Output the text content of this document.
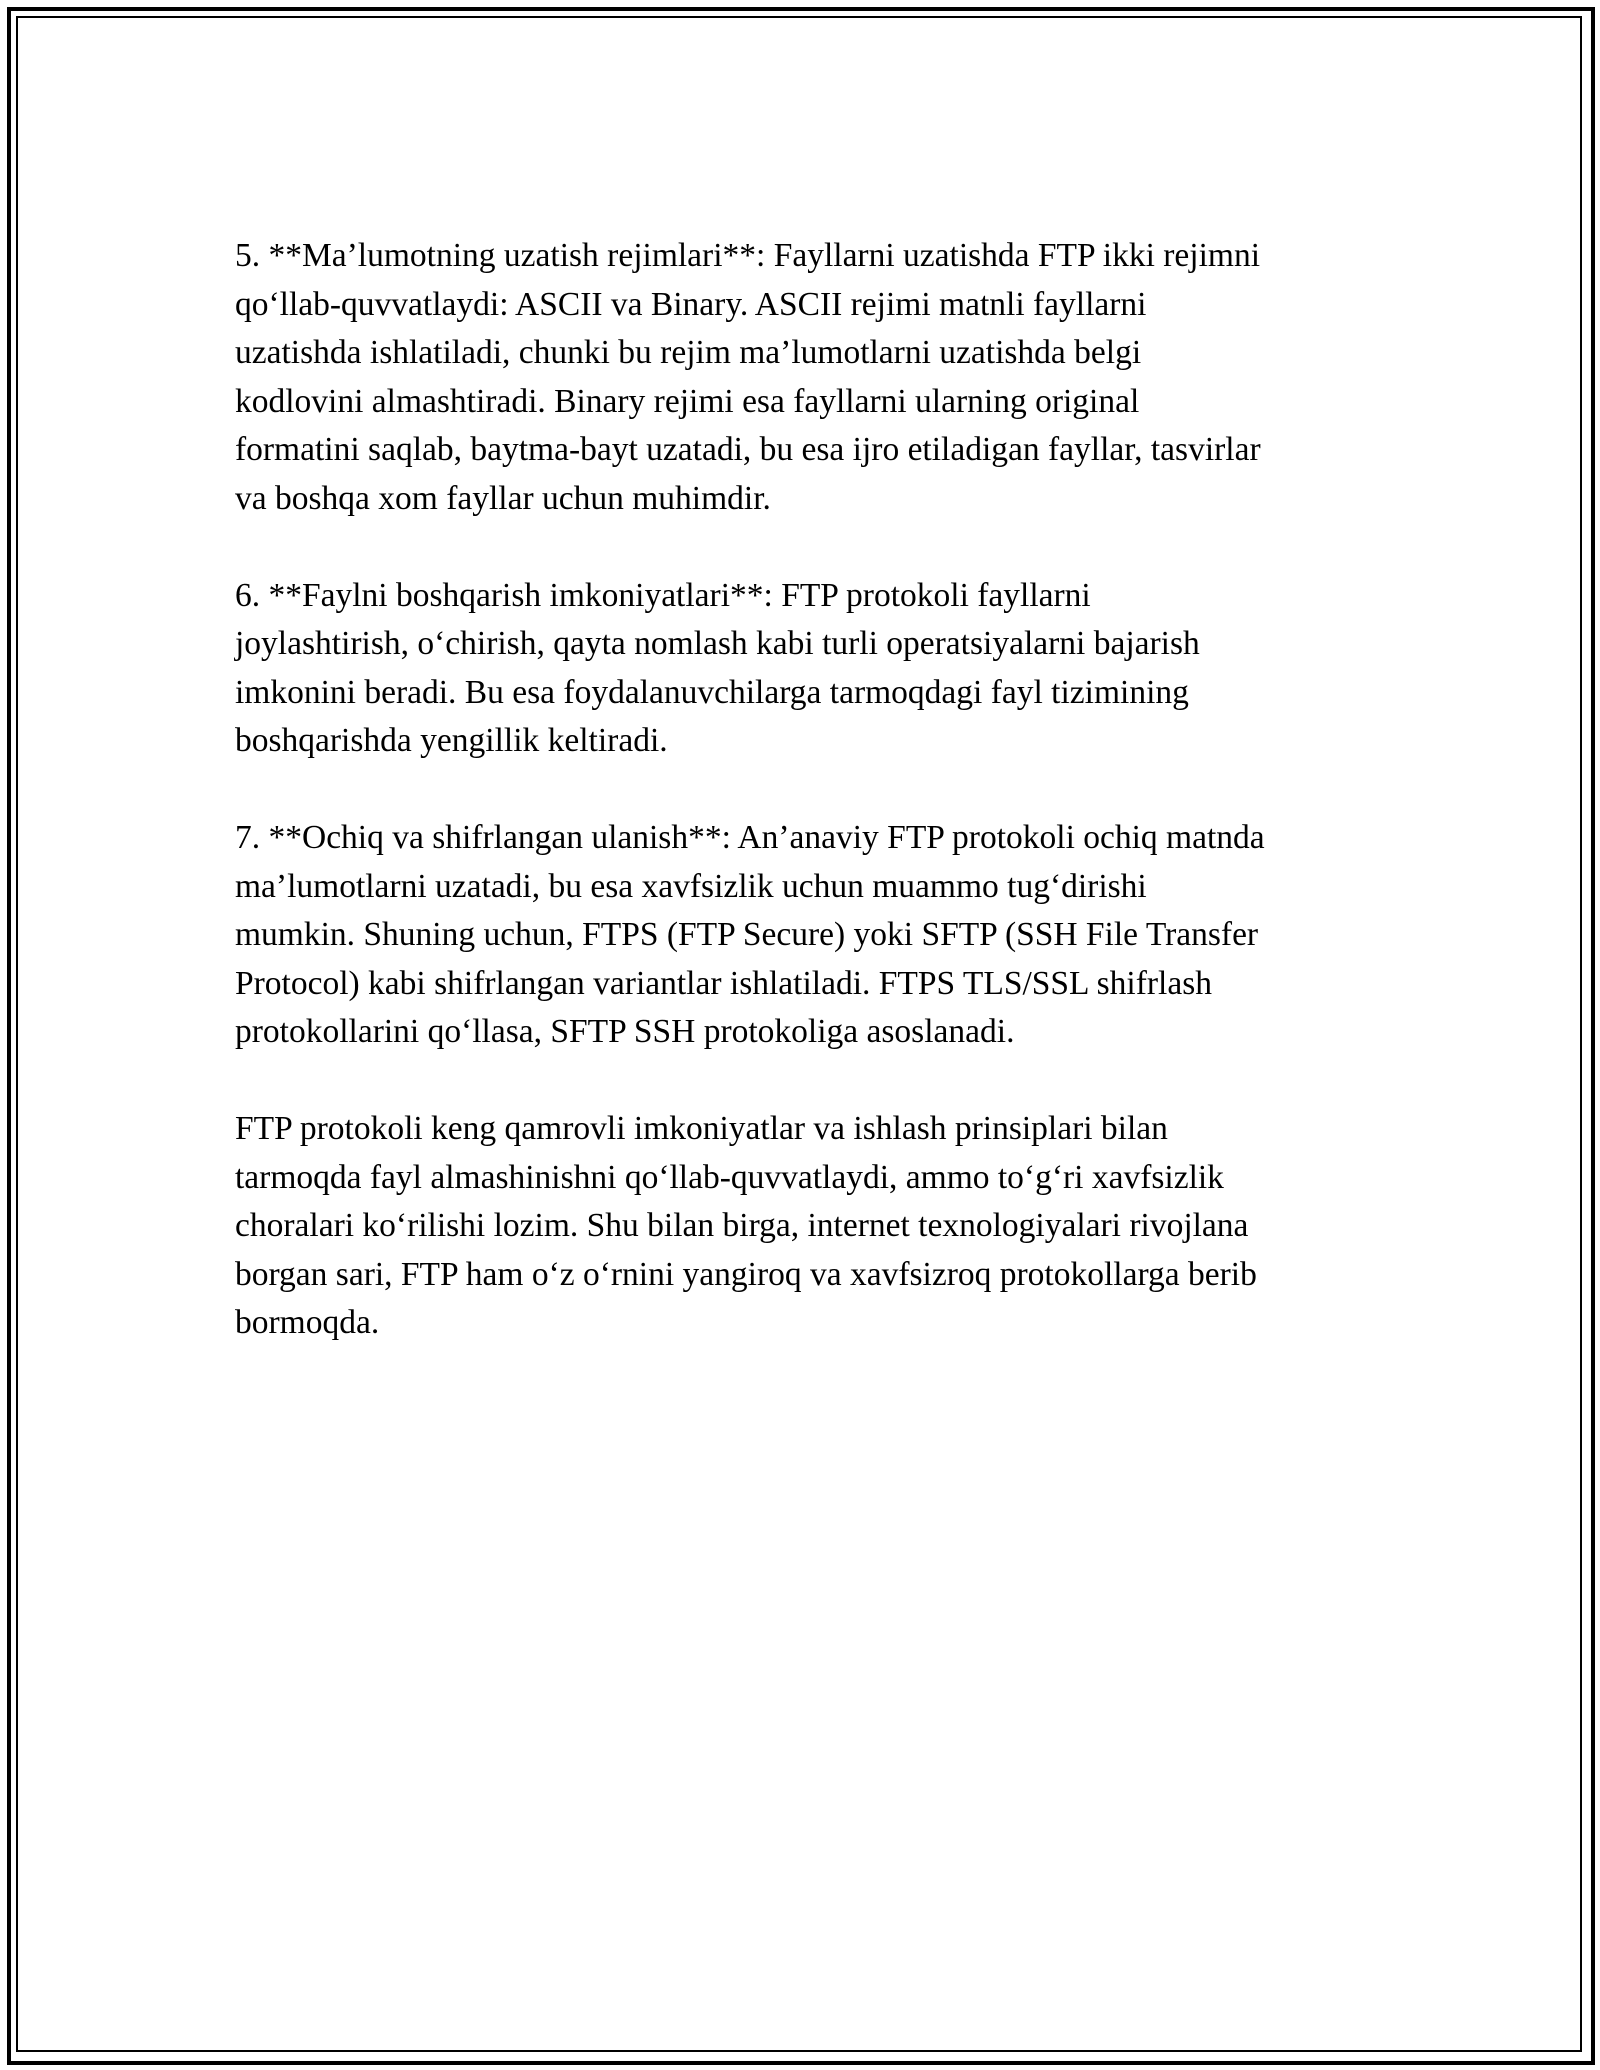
5. **Ma’lumotning uzatish rejimlari**: Fayllarni uzatishda FTP ikki rejimni
qo‘llab-quvvatlaydi: ASCII va Binary. ASCII rejimi matnli fayllarni
uzatishda ishlatiladi, chunki bu rejim ma’lumotlarni uzatishda belgi
kodlovini almashtiradi. Binary rejimi esa fayllarni ularning original
formatini saqlab, baytma-bayt uzatadi, bu esa ijro etiladigan fayllar, tasvirlar
va boshqa xom fayllar uchun muhimdir.

6. **Faylni boshqarish imkoniyatlari**: FTP protokoli fayllarni
joylashtirish, o‘chirish, qayta nomlash kabi turli operatsiyalarni bajarish
imkonini beradi. Bu esa foydalanuvchilarga tarmoqdagi fayl tizimining
boshqarishda yengillik keltiradi.

7. **Ochiq va shifrlangan ulanish**: An’anaviy FTP protokoli ochiq matnda
ma’lumotlarni uzatadi, bu esa xavfsizlik uchun muammo tug‘dirishi
mumkin. Shuning uchun, FTPS (FTP Secure) yoki SFTP (SSH File Transfer
Protocol) kabi shifrlangan variantlar ishlatiladi. FTPS TLS/SSL shifrlash
protokollarini qo‘llasa, SFTP SSH protokoliga asoslanadi.

FTP protokoli keng qamrovli imkoniyatlar va ishlash prinsiplari bilan
tarmoqda fayl almashinishni qo‘llab-quvvatlaydi, ammo to‘g‘ri xavfsizlik
choralari ko‘rilishi lozim. Shu bilan birga, internet texnologiyalari rivojlana
borgan sari, FTP ham o‘z o‘rnini yangiroq va xavfsizroq protokollarga berib
bormoqda.
